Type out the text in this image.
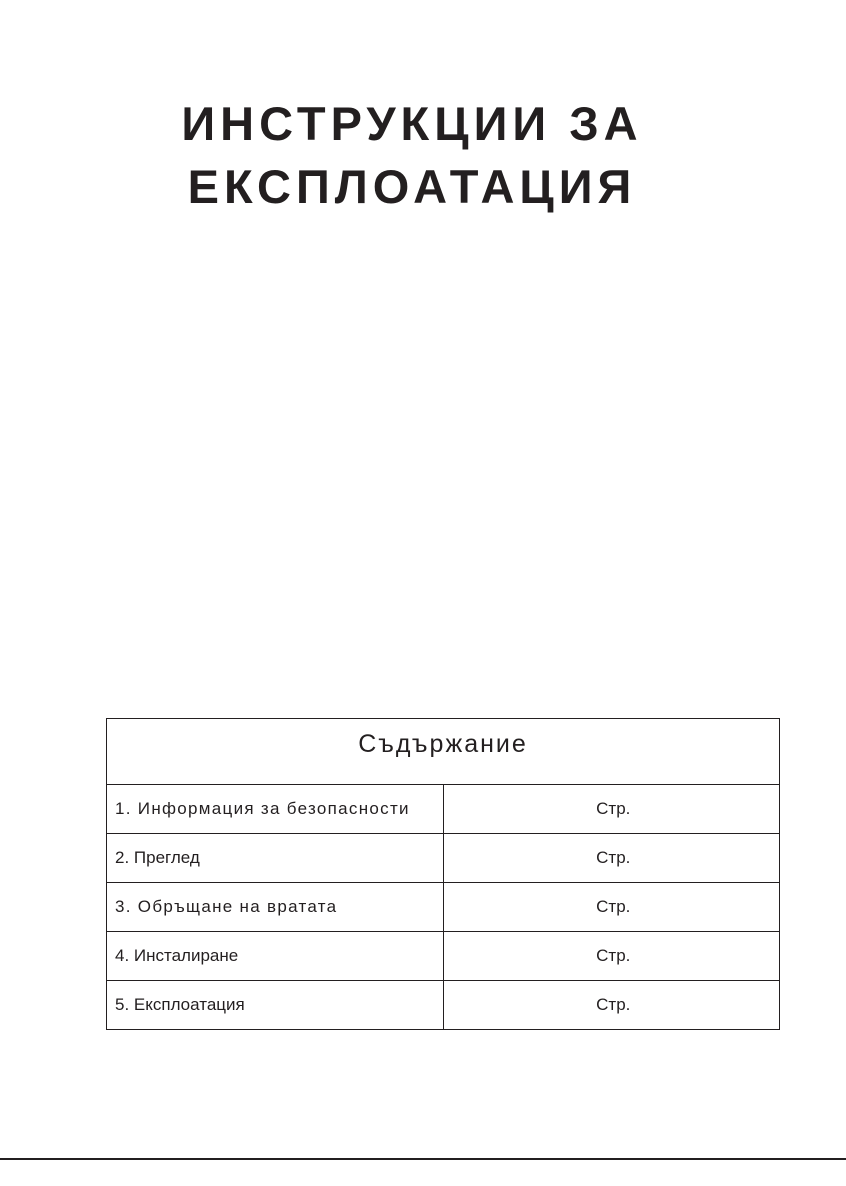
ИНСТРУКЦИИ ЗА
ЕКСПЛОАТАЦИЯ
Съдържание	
1. Информация за безопасности	Стр.
2. Преглед	Стр.
3. Обръщане на вратата	Стр.
4. Инсталиране	Стр.
5. Експлоатация	Стр.
